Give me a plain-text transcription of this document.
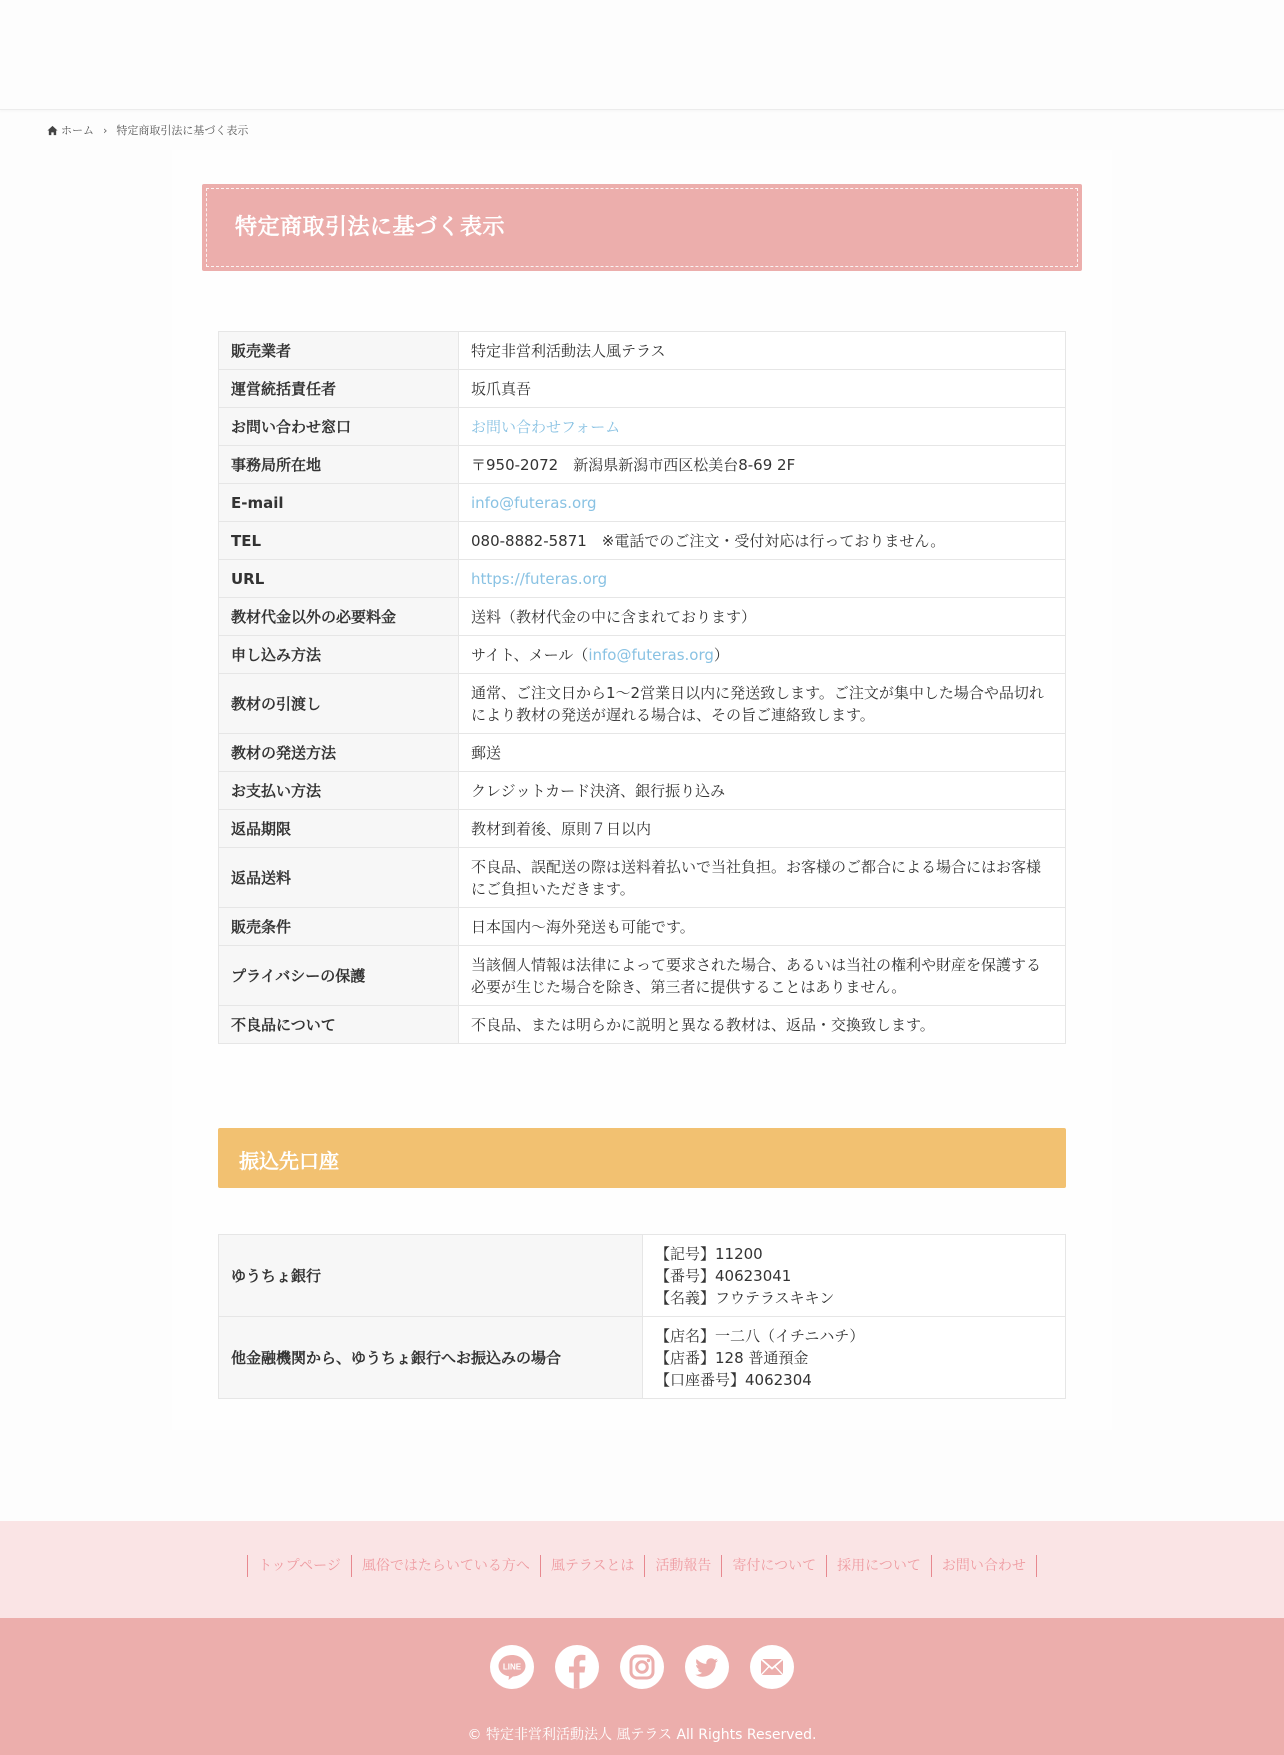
ホーム › 特定商取引法に基づく表示
特定商取引法に基づく表示
販売業者	特定非営利活動法人風テラス
運営統括責任者	坂爪真吾
お問い合わせ窓口	お問い合わせフォーム
事務局所在地	〒950-2072　新潟県新潟市西区松美台8-69 2F
E-mail	info@futeras.org
TEL	080-8882-5871　※電話でのご注文・受付対応は行っておりません。
URL	https://futeras.org
教材代金以外の必要料金	送料（教材代金の中に含まれております）
申し込み方法	サイト、メール（info@futeras.org）
教材の引渡し	通常、ご注文日から1〜2営業日以内に発送致します。ご注文が集中した場合や品切れにより教材の発送が遅れる場合は、その旨ご連絡致します。
教材の発送方法	郵送
お支払い方法	クレジットカード決済、銀行振り込み
返品期限	教材到着後、原則７日以内
返品送料	不良品、誤配送の際は送料着払いで当社負担。お客様のご都合による場合にはお客様にご負担いただきます。
販売条件	日本国内〜海外発送も可能です。
プライバシーの保護	当該個人情報は法律によって要求された場合、あるいは当社の権利や財産を保護する必要が生じた場合を除き、第三者に提供することはありません。
不良品について	不良品、または明らかに説明と異なる教材は、返品・交換致します。
振込先口座
ゆうちょ銀行	【記号】11200
【番号】40623041
【名義】フウテラスキキン

他金融機関から、ゆうちょ銀行へお振込みの場合	【店名】一二八（イチニハチ）
【店番】128 普通預金
【口座番号】4062304
トップページ	風俗ではたらいている方へ	風テラスとは	活動報告	寄付について	採用について	お問い合わせ
LINE
© 特定非営利活動法人 風テラス All Rights Reserved.
